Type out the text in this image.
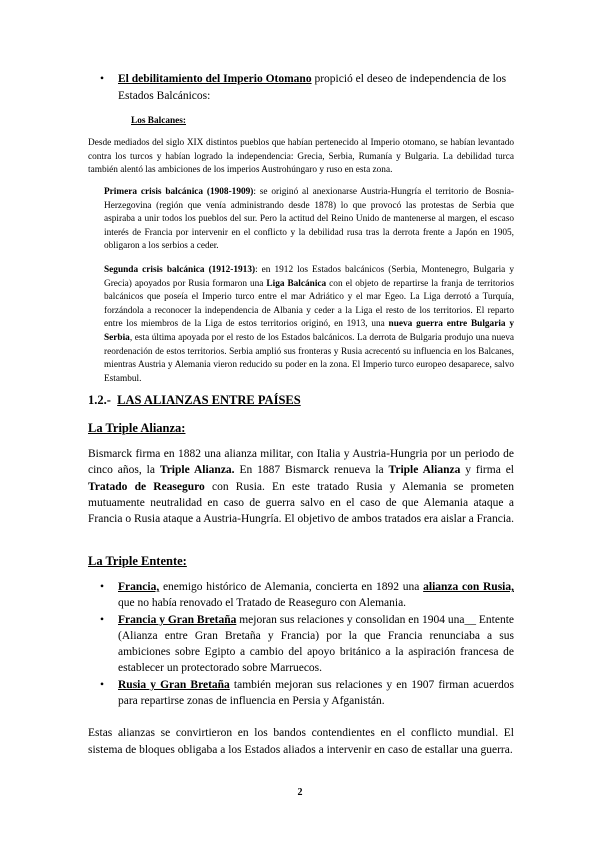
• El debilitamiento del Imperio Otomano propició el deseo de independencia de los Estados Balcánicos:
Los Balcanes:
Desde mediados del siglo XIX distintos pueblos que habían pertenecido al Imperio otomano, se habían levantado contra los turcos y habían logrado la independencia: Grecia, Serbia, Rumanía y Bulgaria. La debilidad turca también alentó las ambiciones de los imperios Austrohúngaro y ruso en esta zona.
Primera crisis balcánica (1908-1909): se originó al anexionarse Austria-Hungría el territorio de Bosnia-Herzegovina (región que venía administrando desde 1878) lo que provocó las protestas de Serbia que aspiraba a unir todos los pueblos del sur. Pero la actitud del Reino Unido de mantenerse al margen, el escaso interés de Francia por intervenir en el conflicto y la debilidad rusa tras la derrota frente a Japón en 1905, obligaron a los serbios a ceder.
Segunda crisis balcánica (1912-1913): en 1912 los Estados balcánicos (Serbia, Montenegro, Bulgaria y Grecia) apoyados por Rusia formaron una Liga Balcánica con el objeto de repartirse la franja de territorios balcánicos que poseía el Imperio turco entre el mar Adriático y el mar Egeo. La Liga derrotó a Turquía, forzándola a reconocer la independencia de Albania y ceder a la Liga el resto de los territorios. El reparto entre los miembros de la Liga de estos territorios originó, en 1913, una nueva guerra entre Bulgaria y Serbia, esta última apoyada por el resto de los Estados balcánicos. La derrota de Bulgaria produjo una nueva reordenación de estos territorios. Serbia amplió sus fronteras y Rusia acrecentó su influencia en los Balcanes, mientras Austria y Alemania vieron reducido su poder en la zona. El Imperio turco europeo desaparece, salvo Estambul.
1.2.- LAS ALIANZAS ENTRE PAÍSES
La Triple Alianza:
Bismarck firma en 1882 una alianza militar, con Italia y Austria-Hungria por un periodo de cinco años, la Triple Alianza. En 1887 Bismarck renueva la Triple Alianza y firma el Tratado de Reaseguro con Rusia. En este tratado Rusia y Alemania se prometen mutuamente neutralidad en caso de guerra salvo en el caso de que Alemania ataque a Francia o Rusia ataque a Austria-Hungría. El objetivo de ambos tratados era aislar a Francia.
La Triple Entente:
• Francia, enemigo histórico de Alemania, concierta en 1892 una alianza con Rusia, que no había renovado el Tratado de Reaseguro con Alemania.
• Francia y Gran Bretaña mejoran sus relaciones y consolidan en 1904 una__ Entente (Alianza entre Gran Bretaña y Francia) por la que Francia renunciaba a sus ambiciones sobre Egipto a cambio del apoyo británico a la aspiración francesa de establecer un protectorado sobre Marruecos.
• Rusia y Gran Bretaña también mejoran sus relaciones y en 1907 firman acuerdos para repartirse zonas de influencia en Persia y Afganistán.
Estas alianzas se convirtieron en los bandos contendientes en el conflicto mundial. El sistema de bloques obligaba a los Estados aliados a intervenir en caso de estallar una guerra.
2
